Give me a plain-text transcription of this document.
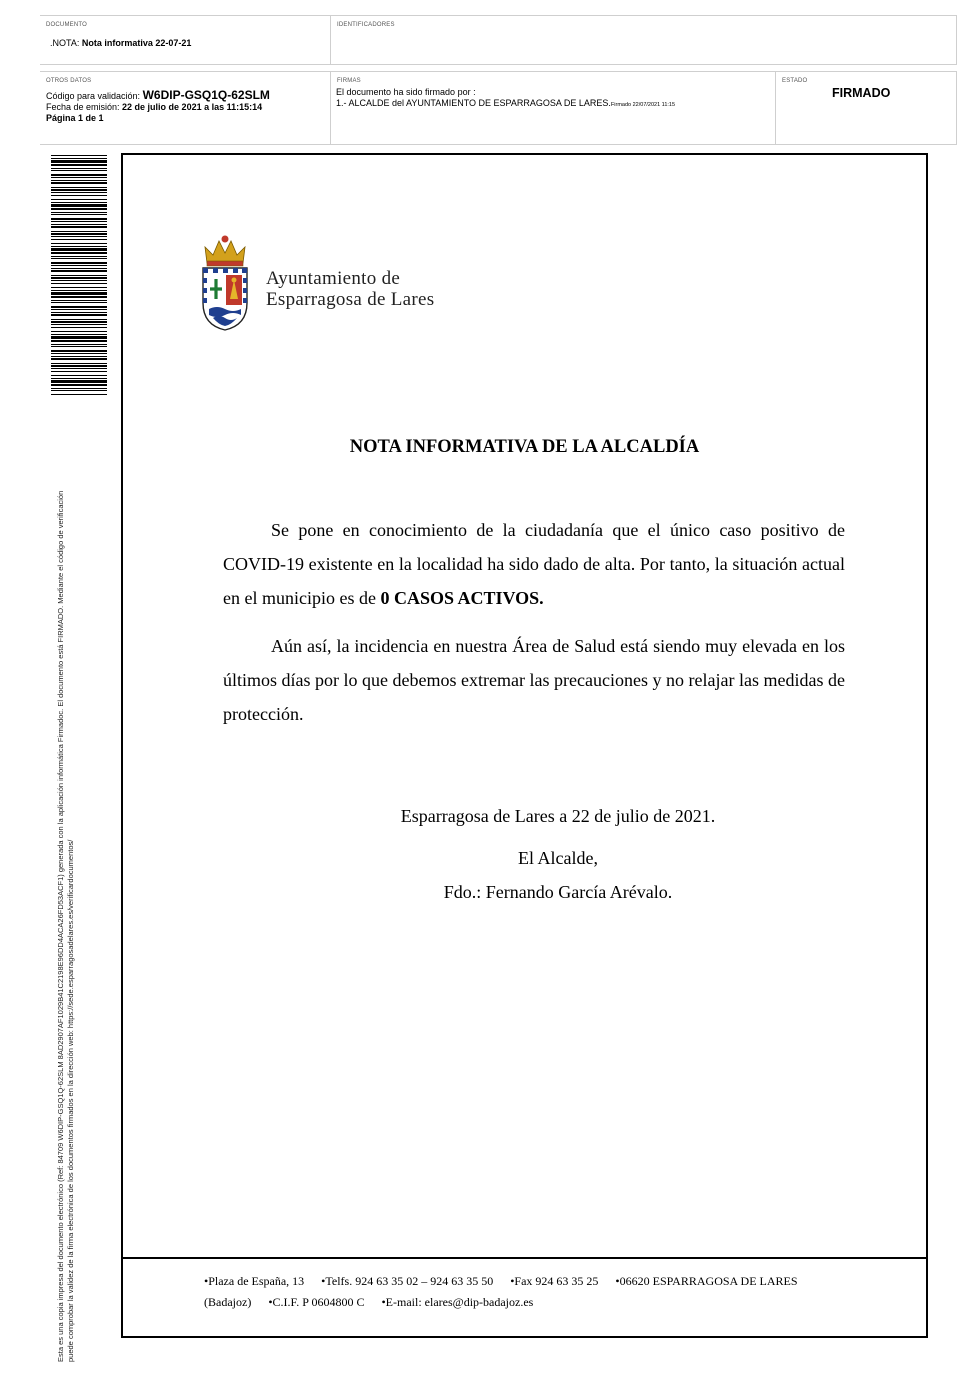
DOCUMENTO
.NOTA: Nota informativa 22-07-21
IDENTIFICADORES
OTROS DATOS
Código para validación: W6DIP-GSQ1Q-62SLM
Fecha de emisión: 22 de julio de 2021 a las 11:15:14
Página 1 de 1
FIRMAS
El documento ha sido firmado por :
1.- ALCALDE del AYUNTAMIENTO DE ESPARRAGOSA DE LARES.Firmado 22/07/2021 11:15
ESTADO
FIRMADO
Esta es una copia impresa del documento electrónico (Ref: 84709 W6DIP-GSQ1Q-62SLM 8AD2907AF1029B41C2198E96DD4ACA26FD53ACF1) generada con la aplicación informática Firmadoc. El documento está FIRMADO. Mediante el código de verificación puede comprobar la validez de la firma electrónica de los documentos firmados en la dirección web: https://sede.esparragosadelares.es/verificardocumentos/
Ayuntamiento de
Esparragosa de Lares
NOTA INFORMATIVA DE LA ALCALDÍA

Se pone en conocimiento de la ciudadanía que el único caso positivo de COVID-19 existente en la localidad ha sido dado de alta. Por tanto, la situación actual en el municipio es de 0 CASOS ACTIVOS.

Aún así, la incidencia en nuestra Área de Salud está siendo muy elevada en los últimos días por lo que debemos extremar las precauciones y no relajar las medidas de protección.

Esparragosa de Lares a 22 de julio de 2021.
El Alcalde,
Fdo.: Fernando García Arévalo.
•Plaza de España, 13 •Telfs. 924 63 35 02 – 924 63 35 50 •Fax 924 63 35 25 •06620 ESPARRAGOSA DE LARES
(Badajoz) •C.I.F. P 0604800 C •E-mail: elares@dip-badajoz.es
